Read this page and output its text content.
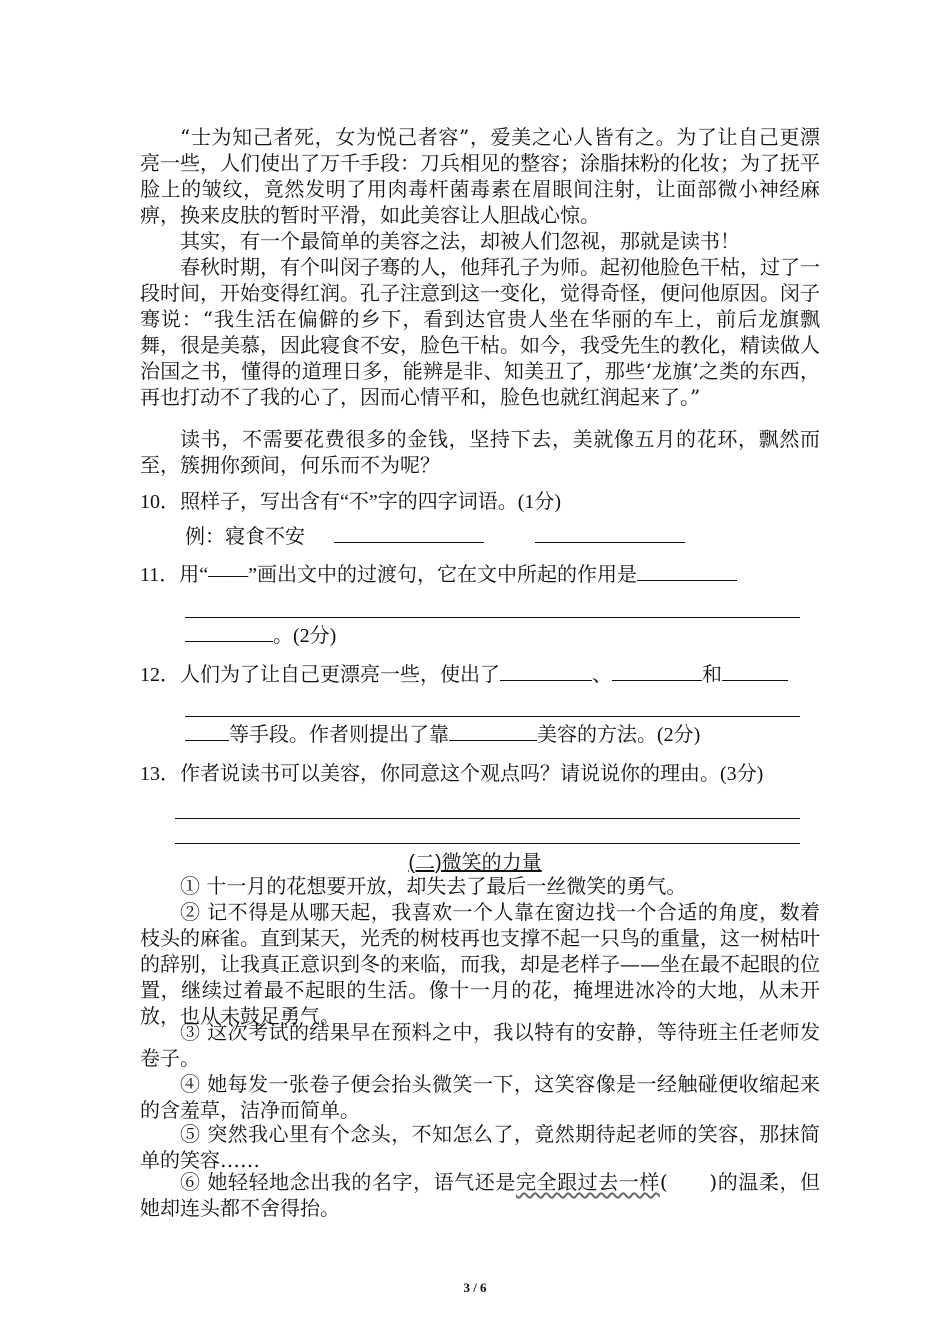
“士为知己者死，女为悦己者容”，爱美之心人皆有之。为了让自己更漂亮一些，人们使出了万千手段：刀兵相见的整容；涂脂抹粉的化妆；为了抚平脸上的皱纹，竟然发明了用肉毒杆菌毒素在眉眼间注射，让面部微小神经麻痹，换来皮肤的暂时平滑，如此美容让人胆战心惊。

其实，有一个最简单的美容之法，却被人们忽视，那就是读书！

春秋时期，有个叫闵子骞的人，他拜孔子为师。起初他脸色干枯，过了一段时间，开始变得红润。孔子注意到这一变化，觉得奇怪，便问他原因。闵子骞说：“我生活在偏僻的乡下，看到达官贵人坐在华丽的车上，前后龙旗飘舞，很是美慕，因此寝食不安，脸色干枯。如今，我受先生的教化，精读做人治国之书，懂得的道理日多，能辨是非、知美丑了，那些‘龙旗’之类的东西，再也打动不了我的心了，因而心情平和，脸色也就红润起来了。”

读书，不需要花费很多的金钱，坚持下去，美就像五月的花环，飘然而至，簇拥你颈间，何乐而不为呢？

10．照样子，写出含有“不”字的四字词语。(1分)

例：寝食不安

11．用“——”画出文中的过渡句，它在文中所起的作用是

。(2分)

12．人们为了让自己更漂亮一些，使出了	、	和

等手段。作者则提出了靠	美容的方法。(2分)

13．作者说读书可以美容，你同意这个观点吗？请说说你的理由。(3分)

(二)微笑的力量

① 十一月的花想要开放，却失去了最后一丝微笑的勇气。

② 记不得是从哪天起，我喜欢一个人靠在窗边找一个合适的角度，数着枝头的麻雀。直到某天，光秃的树枝再也支撑不起一只鸟的重量，这一树枯叶的辞别，让我真正意识到冬的来临，而我，却是老样子——坐在最不起眼的位置，继续过着最不起眼的生活。像十一月的花，掩埋进冰冷的大地，从未开放，也从未鼓足勇气。

③ 这次考试的结果早在预料之中，我以特有的安静，等待班主任老师发卷子。

④ 她每发一张卷子便会抬头微笑一下，这笑容像是一经触碰便收缩起来的含羞草，洁净而简单。

⑤ 突然我心里有个念头，不知怎么了，竟然期待起老师的笑容，那抹简单的笑容……

⑥ 她轻轻地念出我的名字，语气还是完全跟过去一样(　　)的温柔，但她却连头都不舍得抬。

3 / 6
